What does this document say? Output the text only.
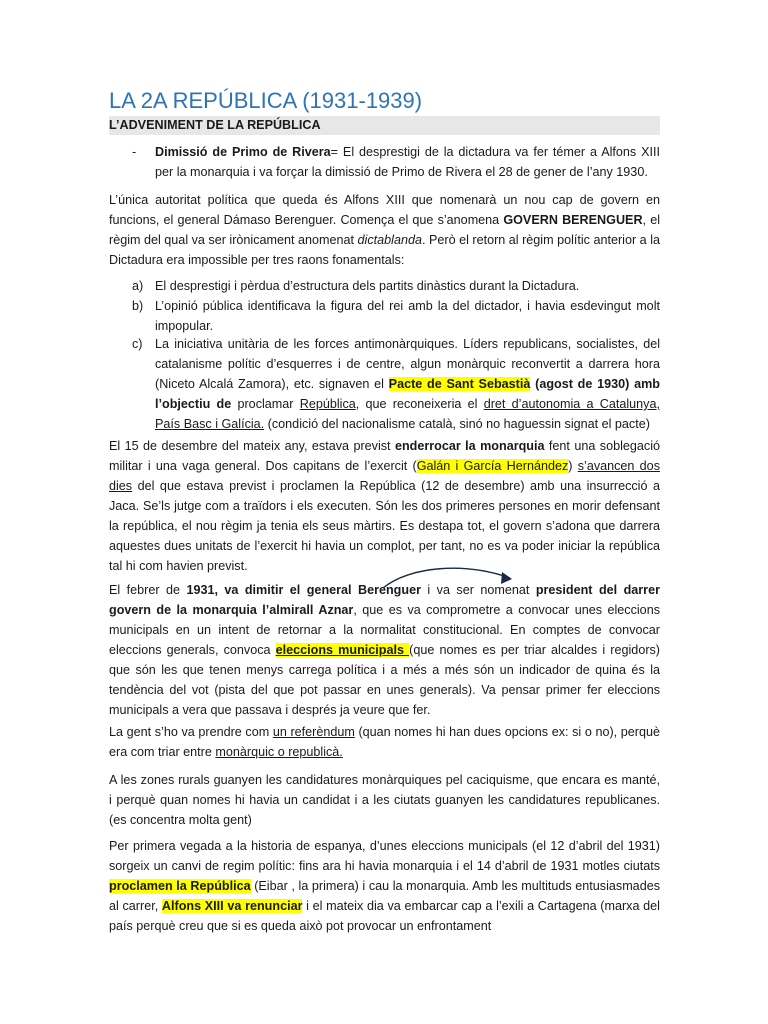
LA 2A REPÚBLICA (1931-1939)
L’ADVENIMENT DE LA REPÚBLICA
- Dimissió de Primo de Rivera= El desprestigi de la dictadura va fer témer a Alfons XIII per la monarquia i va forçar la dimissió de Primo de Rivera el 28 de gener de l’any 1930.
L’única autoritat política que queda és Alfons XIII que nomenarà un nou cap de govern en funcions, el general Dámaso Berenguer. Comença el que s’anomena GOVERN BERENGUER, el règim del qual va ser irònicament anomenat dictablanda. Però el retorn al règim polític anterior a la Dictadura era impossible per tres raons fonamentals:
a) El desprestigi i pèrdua d’estructura dels partits dinàstics durant la Dictadura.
b) L’opinió pública identificava la figura del rei amb la del dictador, i havia esdevingut molt impopular.
c) La iniciativa unitària de les forces antimonàrquiques. Líders republicans, socialistes, del catalanisme polític d’esquerres i de centre, algun monàrquic reconvertit a darrera hora (Niceto Alcalá Zamora), etc. signaven el Pacte de Sant Sebastià (agost de 1930) amb l’objectiu de proclamar República, que reconeixeria el dret d’autonomia a Catalunya, País Basc i Galícia. (condició del nacionalisme català, sinó no haguessin signat el pacte)
El 15 de desembre del mateix any, estava previst enderrocar la monarquia fent una soblegació militar i una vaga general. Dos capitans de l’exercit (Galán i García Hernández) s’avancen dos dies del que estava previst i proclamen la República (12 de desembre) amb una insurrecció a Jaca. Se’ls jutge com a traïdors i els executen. Són les dos primeres persones en morir defensant la república, el nou règim ja tenia els seus màrtirs. Es destapa tot, el govern s’adona que darrera aquestes dues unitats de l’exercit hi havia un complot, per tant, no es va poder iniciar la república tal hi com havien previst.
El febrer de 1931, va dimitir el general Berenguer i va ser nomenat president del darrer govern de la monarquia l’almirall Aznar, que es va comprometre a convocar unes eleccions municipals en un intent de retornar a la normalitat constitucional. En comptes de convocar eleccions generals, convoca eleccions municipals (que nomes es per triar alcaldes i regidors) que són les que tenen menys carrega política i a més a més són un indicador de quina és la tendència del vot (pista del que pot passar en unes generals). Va pensar primer fer eleccions municipals a vera que passava i després ja veure que fer.
La gent s’ho va prendre com un referèndum (quan nomes hi han dues opcions ex: si o no), perquè era com triar entre monàrquic o republicà.
A les zones rurals guanyen les candidatures monàrquiques pel caciquisme, que encara es manté, i perquè quan nomes hi havia un candidat i a les ciutats guanyen les candidatures republicanes. (es concentra molta gent)
Per primera vegada a la historia de espanya, d’unes eleccions municipals (el 12 d’abril del 1931) sorgeix un canvi de regim polític: fins ara hi havia monarquia i el 14 d’abril de 1931 motles ciutats proclamen la República (Eibar , la primera) i cau la monarquia. Amb les multituds entusiasmades al carrer, Alfons XIII va renunciar i el mateix dia va embarcar cap a l’exili a Cartagena (marxa del país perquè creu que si es queda això pot provocar un enfrontament
